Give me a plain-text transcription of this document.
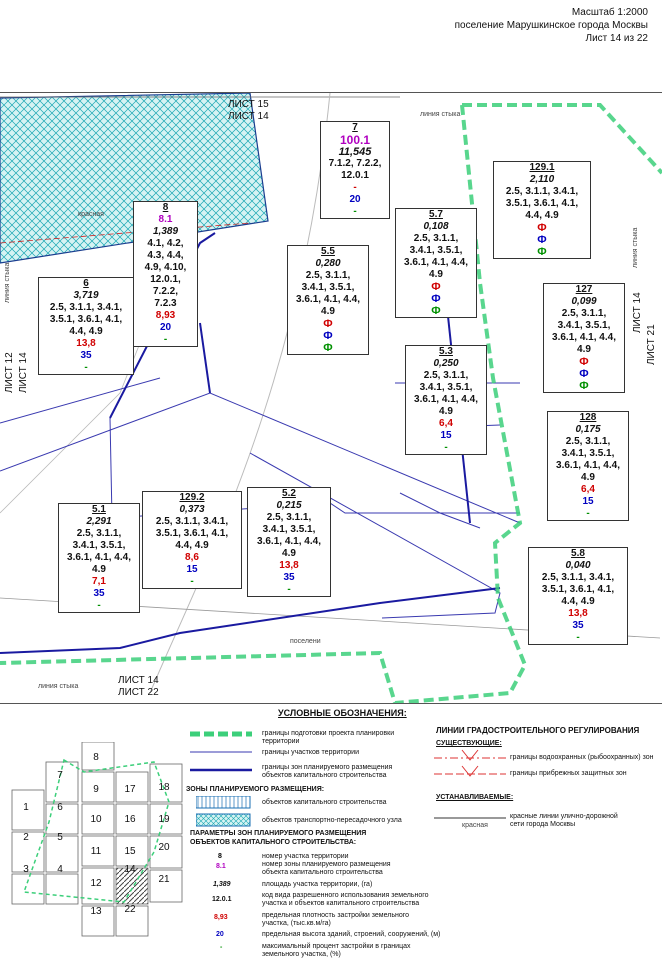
Масштаб 1:2000
поселение Марушкинское города Москвы
Лист 14 из 22
ЛИСТ 15
ЛИСТ 14
ЛИСТ 14
ЛИСТ 22
ЛИСТ 12 ЛИСТ 14
ЛИСТ 14
ЛИСТ 21
линия стыка
линия стыка
линия стыка
линия стыка
красная
поселени
7
100.1
11,545
7.1.2, 7.2.2,
12.0.1
-
20
-
8
8.1
1,389
4.1, 4.2,
4.3, 4.4,
4.9, 4.10,
12.0.1,
7.2.2,
7.2.3
8,93
20
-
6
3,719
2.5, 3.1.1, 3.4.1,
3.5.1, 3.6.1, 4.1,
4.4, 4.9
13,8
35
-
5.5
0,280
2.5, 3.1.1,
3.4.1, 3.5.1,
3.6.1, 4.1, 4.4,
4.9
Ф
Ф
Ф
5.7
0,108
2.5, 3.1.1,
3.4.1, 3.5.1,
3.6.1, 4.1, 4.4,
4.9
Ф
Ф
Ф
129.1
2,110
2.5, 3.1.1, 3.4.1,
3.5.1, 3.6.1, 4.1,
4.4, 4.9
Ф
Ф
Ф
127
0,099
2.5, 3.1.1,
3.4.1, 3.5.1,
3.6.1, 4.1, 4.4,
4.9
Ф
Ф
Ф
5.3
0,250
2.5, 3.1.1,
3.4.1, 3.5.1,
3.6.1, 4.1, 4.4,
4.9
6,4
15
-
128
0,175
2.5, 3.1.1,
3.4.1, 3.5.1,
3.6.1, 4.1, 4.4,
4.9
6,4
15
-
5.1
2,291
2.5, 3.1.1,
3.4.1, 3.5.1,
3.6.1, 4.1, 4.4,
4.9
7,1
35
-
129.2
0,373
2.5, 3.1.1, 3.4.1,
3.5.1, 3.6.1, 4.1,
4.4, 4.9
8,6
15
-
5.2
0,215
2.5, 3.1.1,
3.4.1, 3.5.1,
3.6.1, 4.1, 4.4,
4.9
13,8
35
-
5.8
0,040
2.5, 3.1.1, 3.4.1,
3.5.1, 3.6.1, 4.1,
4.4, 4.9
13,8
35
-
УСЛОВНЫЕ ОБОЗНАЧЕНИЯ:
8
7
9	17	18
1	6
10	16	19
2	5
11	15	20
3	4
12
14
21
13	22
границы подготовки проекта планировки территории
границы участков территории
границы зон планируемого размещения объектов капитального строительства
ЗОНЫ ПЛАНИРУЕМОГО РАЗМЕЩЕНИЯ:
объектов капитального строительства
объектов транспортно-пересадочного узла
ПАРАМЕТРЫ ЗОН ПЛАНИРУЕМОГО РАЗМЕЩЕНИЯ
ОБЪЕКТОВ КАПИТАЛЬНОГО СТРОИТЕЛЬСТВА:
8	номер участка территории
8.1	номер зоны планируемого размещения объекта капитального строительства
1,389	площадь участка территории, (га)
12.0.1
код вида разрешенного использования земельного участка и объектов капитального строительства
8,93	предельная плотность застройки земельного участка, (тыс.кв.м/га)
20	предельная высота зданий, строений, сооружений, (м)
-	максимальный процент застройки в границах земельного участка, (%)
ЛИНИИ ГРАДОСТРОИТЕЛЬНОГО РЕГУЛИРОВАНИЯ
СУЩЕСТВУЮЩИЕ:
границы водоохранных (рыбоохранных) зон
границы прибрежных защитных зон
УСТАНАВЛИВАЕМЫЕ:
красная
красные линии улично-дорожной сети города Москвы
